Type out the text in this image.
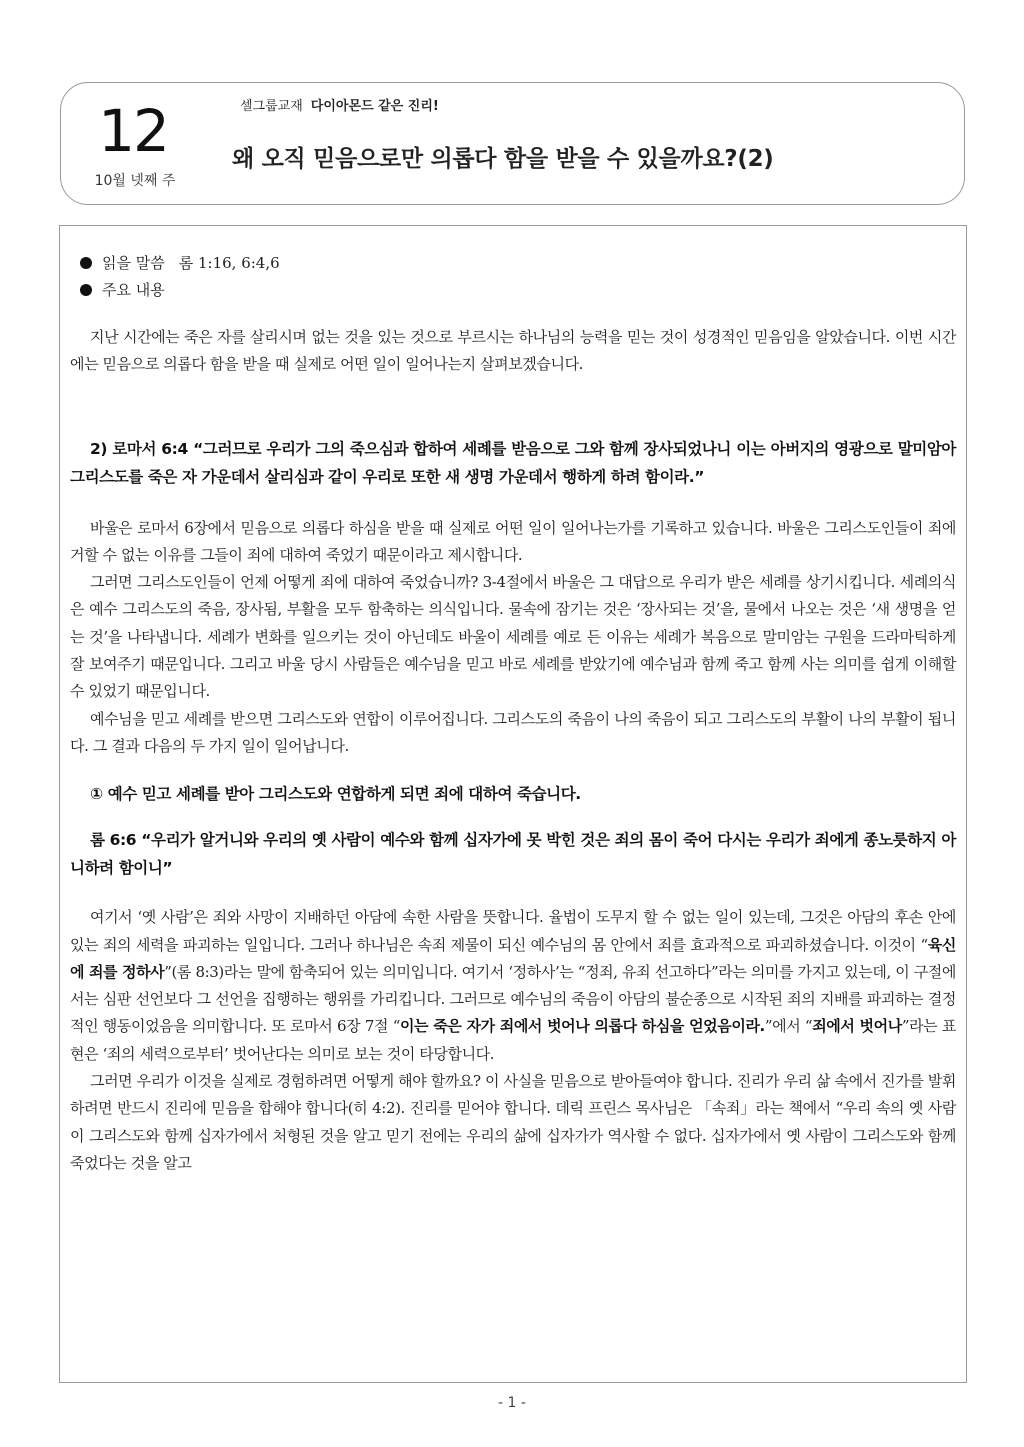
12
10월 넷째 주
셀그룹교재 다이아몬드 같은 진리!
왜 오직 믿음으로만 의롭다 함을 받을 수 있을까요?(2)
읽을 말씀 롬 1:16, 6:4,6
주요 내용

지난 시간에는 죽은 자를 살리시며 없는 것을 있는 것으로 부르시는 하나님의 능력을 믿는 것이 성경적인 믿음임을 알았습니다. 이번 시간에는 믿음으로 의롭다 함을 받을 때 실제로 어떤 일이 일어나는지 살펴보겠습니다.

2) 로마서 6:4 “그러므로 우리가 그의 죽으심과 합하여 세례를 받음으로 그와 함께 장사되었나니 이는 아버지의 영광으로 말미암아 그리스도를 죽은 자 가운데서 살리심과 같이 우리로 또한 새 생명 가운데서 행하게 하려 함이라.”

바울은 로마서 6장에서 믿음으로 의롭다 하심을 받을 때 실제로 어떤 일이 일어나는가를 기록하고 있습니다. 바울은 그리스도인들이 죄에 거할 수 없는 이유를 그들이 죄에 대하여 죽었기 때문이라고 제시합니다.

그러면 그리스도인들이 언제 어떻게 죄에 대하여 죽었습니까? 3-4절에서 바울은 그 대답으로 우리가 받은 세례를 상기시킵니다. 세례의식은 예수 그리스도의 죽음, 장사됨, 부활을 모두 함축하는 의식입니다. 물속에 잠기는 것은 ‘장사되는 것’을, 물에서 나오는 것은 ‘새 생명을 얻는 것’을 나타냅니다. 세례가 변화를 일으키는 것이 아닌데도 바울이 세례를 예로 든 이유는 세례가 복음으로 말미암는 구원을 드라마틱하게 잘 보여주기 때문입니다. 그리고 바울 당시 사람들은 예수님을 믿고 바로 세례를 받았기에 예수님과 함께 죽고 함께 사는 의미를 쉽게 이해할 수 있었기 때문입니다.

예수님을 믿고 세례를 받으면 그리스도와 연합이 이루어집니다. 그리스도의 죽음이 나의 죽음이 되고 그리스도의 부활이 나의 부활이 됩니다. 그 결과 다음의 두 가지 일이 일어납니다.

① 예수 믿고 세례를 받아 그리스도와 연합하게 되면 죄에 대하여 죽습니다.

롬 6:6 “우리가 알거니와 우리의 옛 사람이 예수와 함께 십자가에 못 박힌 것은 죄의 몸이 죽어 다시는 우리가 죄에게 종노릇하지 아니하려 함이니”

여기서 ‘옛 사람’은 죄와 사망이 지배하던 아담에 속한 사람을 뜻합니다. 율법이 도무지 할 수 없는 일이 있는데, 그것은 아담의 후손 안에 있는 죄의 세력을 파괴하는 일입니다. 그러나 하나님은 속죄 제물이 되신 예수님의 몸 안에서 죄를 효과적으로 파괴하셨습니다. 이것이 “육신에 죄를 정하사”(롬 8:3)라는 말에 함축되어 있는 의미입니다. 여기서 ‘정하사’는 “정죄, 유죄 선고하다”라는 의미를 가지고 있는데, 이 구절에서는 심판 선언보다 그 선언을 집행하는 행위를 가리킵니다. 그러므로 예수님의 죽음이 아담의 불순종으로 시작된 죄의 지배를 파괴하는 결정적인 행동이었음을 의미합니다. 또 로마서 6장 7절 “이는 죽은 자가 죄에서 벗어나 의롭다 하심을 얻었음이라.”에서 “죄에서 벗어나”라는 표현은 ‘죄의 세력으로부터’ 벗어난다는 의미로 보는 것이 타당합니다.

그러면 우리가 이것을 실제로 경험하려면 어떻게 해야 할까요? 이 사실을 믿음으로 받아들여야 합니다. 진리가 우리 삶 속에서 진가를 발휘하려면 반드시 진리에 믿음을 합해야 합니다(히 4:2). 진리를 믿어야 합니다. 데릭 프린스 목사님은 「속죄」라는 책에서 “우리 속의 옛 사람이 그리스도와 함께 십자가에서 처형된 것을 알고 믿기 전에는 우리의 삶에 십자가가 역사할 수 없다. 십자가에서 옛 사람이 그리스도와 함께 죽었다는 것을 알고

- 1 -
